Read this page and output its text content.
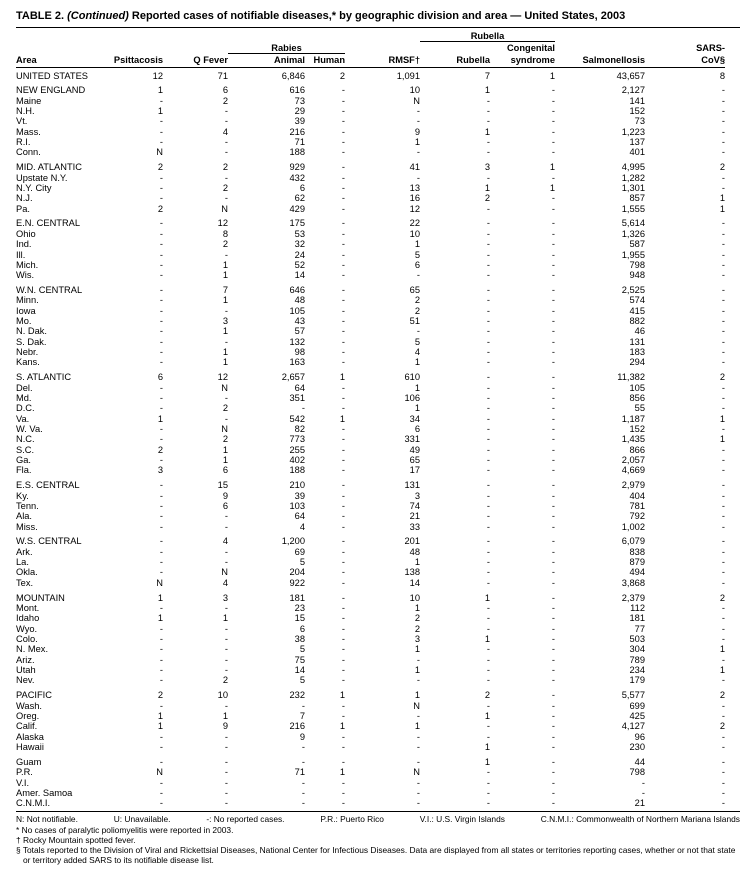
TABLE 2. (Continued) Reported cases of notifiable diseases,* by geographic division and area — United States, 2003
						Rubella			
			Rabies				Congenital		SARS-
Area	Psittacosis	Q Fever	Animal	Human	RMSF†	Rubella	syndrome	Salmonellosis	CoV§
UNITED STATES	12	71	6,846	2	1,091	7	1	43,657	8
NEW ENGLAND	1	6	616	-	10	1	-	2,127	-
Maine	-	2	73	-	N	-	-	141	-
N.H.	1	-	29	-	-	-	-	152	-
Vt.	-	-	39	-	-	-	-	73	-
Mass.	-	4	216	-	9	1	-	1,223	-
R.I.	-	-	71	-	1	-	-	137	-
Conn.	N	-	188	-	-	-	-	401	-
MID. ATLANTIC	2	2	929	-	41	3	1	4,995	2
Upstate N.Y.	-	-	432	-	-	-	-	1,282	-
N.Y. City	-	2	6	-	13	1	1	1,301	-
N.J.	-	-	62	-	16	2	-	857	1
Pa.	2	N	429	-	12	-	-	1,555	1
E.N. CENTRAL	-	12	175	-	22	-	-	5,614	-
Ohio	-	8	53	-	10	-	-	1,326	-
Ind.	-	2	32	-	1	-	-	587	-
Ill.	-	-	24	-	5	-	-	1,955	-
Mich.	-	1	52	-	6	-	-	798	-
Wis.	-	1	14	-	-	-	-	948	-
W.N. CENTRAL	-	7	646	-	65	-	-	2,525	-
Minn.	-	1	48	-	2	-	-	574	-
Iowa	-	-	105	-	2	-	-	415	-
Mo.	-	3	43	-	51	-	-	882	-
N. Dak.	-	1	57	-	-	-	-	46	-
S. Dak.	-	-	132	-	5	-	-	131	-
Nebr.	-	1	98	-	4	-	-	183	-
Kans.	-	1	163	-	1	-	-	294	-
S. ATLANTIC	6	12	2,657	1	610	-	-	11,382	2
Del.	-	N	64	-	1	-	-	105	-
Md.	-	-	351	-	106	-	-	856	-
D.C.	-	2	-	-	1	-	-	55	-
Va.	1	-	542	1	34	-	-	1,187	1
W. Va.	-	N	82	-	6	-	-	152	-
N.C.	-	2	773	-	331	-	-	1,435	1
S.C.	2	1	255	-	49	-	-	866	-
Ga.	-	1	402	-	65	-	-	2,057	-
Fla.	3	6	188	-	17	-	-	4,669	-
E.S. CENTRAL	-	15	210	-	131	-	-	2,979	-
Ky.	-	9	39	-	3	-	-	404	-
Tenn.	-	6	103	-	74	-	-	781	-
Ala.	-	-	64	-	21	-	-	792	-
Miss.	-	-	4	-	33	-	-	1,002	-
W.S. CENTRAL	-	4	1,200	-	201	-	-	6,079	-
Ark.	-	-	69	-	48	-	-	838	-
La.	-	-	5	-	1	-	-	879	-
Okla.	-	N	204	-	138	-	-	494	-
Tex.	N	4	922	-	14	-	-	3,868	-
MOUNTAIN	1	3	181	-	10	1	-	2,379	2
Mont.	-	-	23	-	1	-	-	112	-
Idaho	1	1	15	-	2	-	-	181	-
Wyo.	-	-	6	-	2	-	-	77	-
Colo.	-	-	38	-	3	1	-	503	-
N. Mex.	-	-	5	-	1	-	-	304	1
Ariz.	-	-	75	-	-	-	-	789	-
Utah	-	-	14	-	1	-	-	234	1
Nev.	-	2	5	-	-	-	-	179	-
PACIFIC	2	10	232	1	1	2	-	5,577	2
Wash.	-	-	-	-	N	-	-	699	-
Oreg.	1	1	7	-	-	1	-	425	-
Calif.	1	9	216	1	1	-	-	4,127	2
Alaska	-	-	9	-	-	-	-	96	-
Hawaii	-	-	-	-	-	1	-	230	-
Guam	-	-	-	-	-	1	-	44	-
P.R.	N	-	71	1	N	-	-	798	-
V.I.	-	-	-	-	-	-	-	-	-
Amer. Samoa	-	-	-	-	-	-	-	-	-
C.N.M.I.	-	-	-	-	-	-	-	21	-
N: Not notifiable.	U: Unavailable.	-: No reported cases.	P.R.: Puerto Rico	V.I.: U.S. Virgin Islands	C.N.M.I.: Commonwealth of Northern Mariana Islands
* No cases of paralytic poliomyelitis were reported in 2003.
† Rocky Mountain spotted fever.
§ Totals reported to the Division of Viral and Rickettsial Diseases, National Center for Infectious Diseases. Data are displayed from all states or territories reporting cases, whether or not that state or territory added SARS to its notifiable disease list.
